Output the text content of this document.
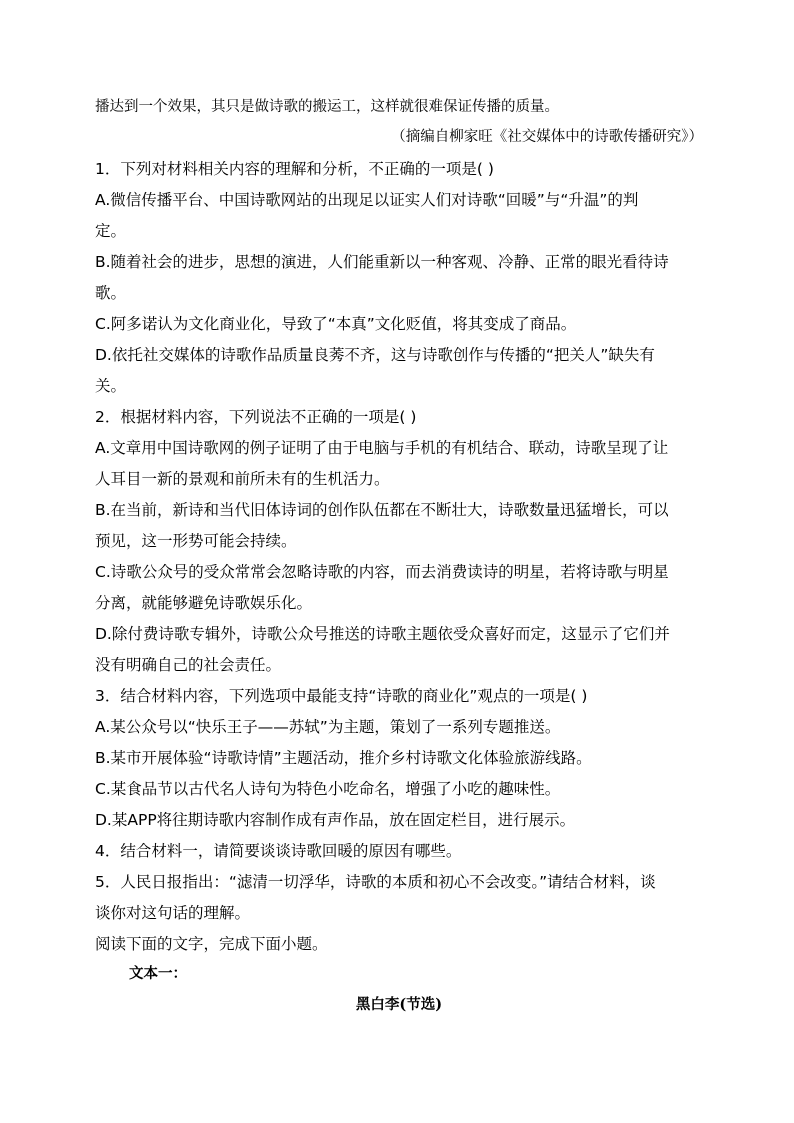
播达到一个效果，其只是做诗歌的搬运工，这样就很难保证传播的质量。
（摘编自柳家旺《社交媒体中的诗歌传播研究》）
1．下列对材料相关内容的理解和分析，不正确的一项是( )
A.微信传播平台、中国诗歌网站的出现足以证实人们对诗歌“回暖”与“升温”的判
定。
B.随着社会的进步，思想的演进，人们能重新以一种客观、冷静、正常的眼光看待诗
歌。
C.阿多诺认为文化商业化，导致了“本真”文化贬值，将其变成了商品。
D.依托社交媒体的诗歌作品质量良莠不齐，这与诗歌创作与传播的“把关人”缺失有
关。
2．根据材料内容，下列说法不正确的一项是( )
A.文章用中国诗歌网的例子证明了由于电脑与手机的有机结合、联动，诗歌呈现了让
人耳目一新的景观和前所未有的生机活力。
B.在当前，新诗和当代旧体诗词的创作队伍都在不断壮大，诗歌数量迅猛增长，可以
预见，这一形势可能会持续。
C.诗歌公众号的受众常常会忽略诗歌的内容，而去消费读诗的明星，若将诗歌与明星
分离，就能够避免诗歌娱乐化。
D.除付费诗歌专辑外，诗歌公众号推送的诗歌主题依受众喜好而定，这显示了它们并
没有明确自己的社会责任。
3．结合材料内容，下列选项中最能支持“诗歌的商业化”观点的一项是( )
A.某公众号以“快乐王子——苏轼”为主题，策划了一系列专题推送。
B.某市开展体验“诗歌诗情”主题活动，推介乡村诗歌文化体验旅游线路。
C.某食品节以古代名人诗句为特色小吃命名，增强了小吃的趣味性。
D.某APP将往期诗歌内容制作成有声作品，放在固定栏目，进行展示。
4．结合材料一，请简要谈谈诗歌回暖的原因有哪些。
5．人民日报指出：“滤清一切浮华，诗歌的本质和初心不会改变。”请结合材料，谈
谈你对这句话的理解。
阅读下面的文字，完成下面小题。
文本一：
黑白李(节选)
